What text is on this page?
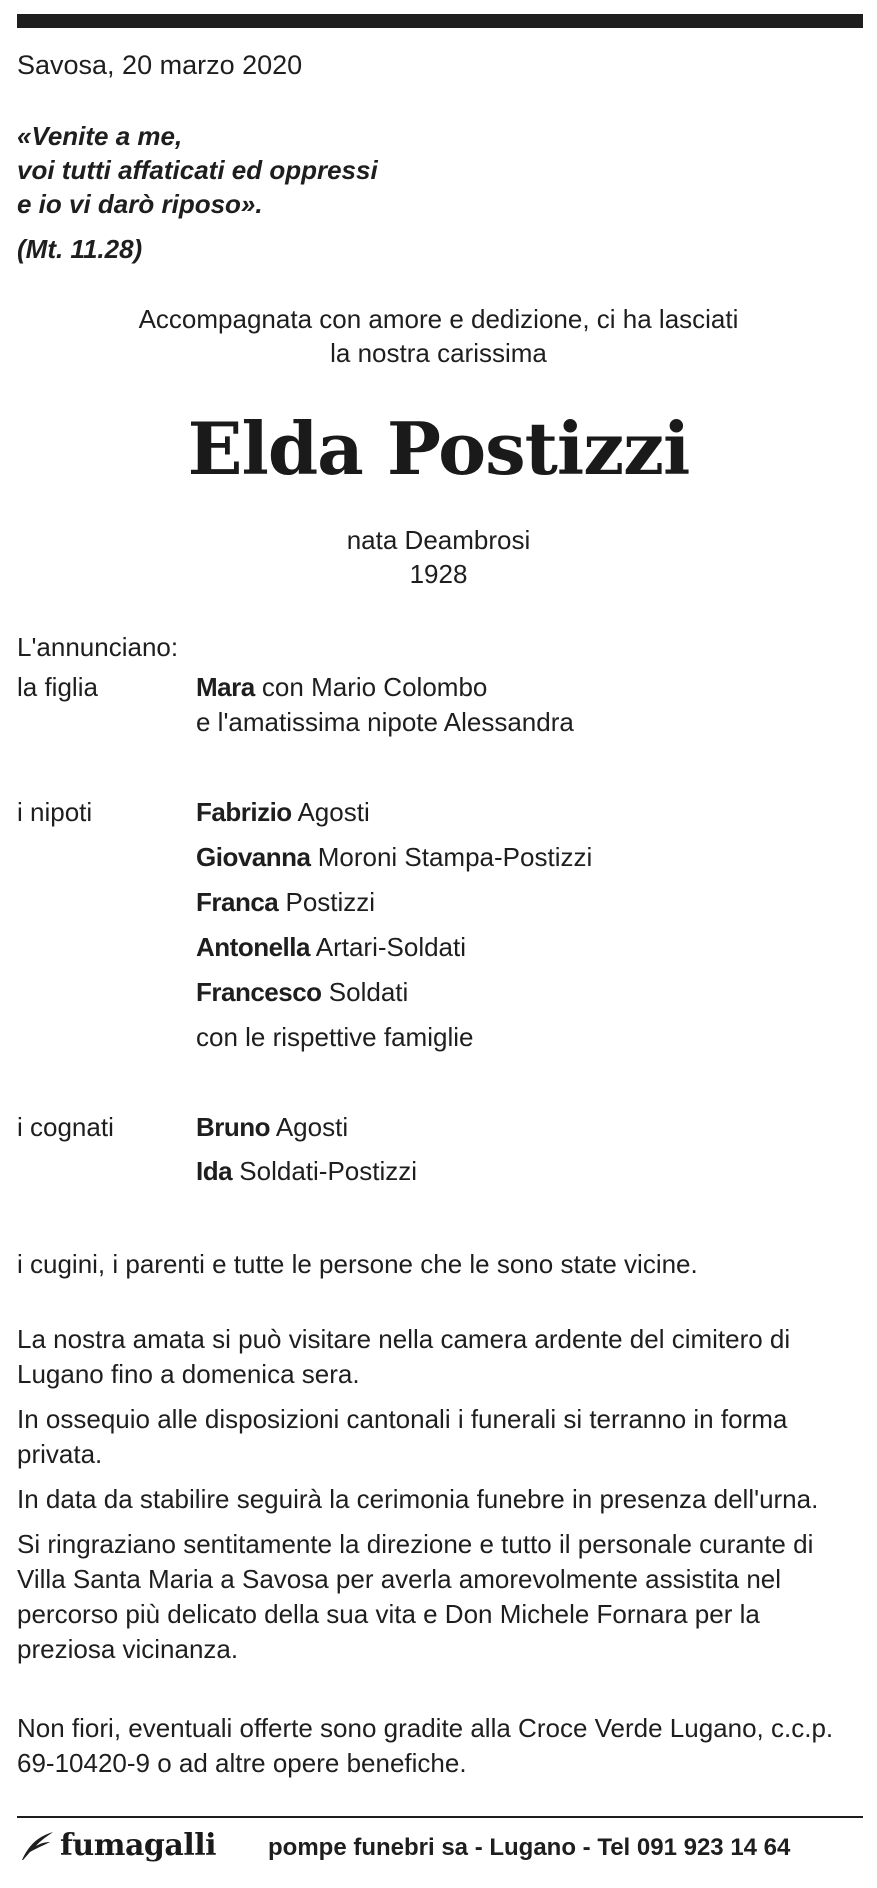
Savosa, 20 marzo 2020
«Venite a me,
voi tutti affaticati ed oppressi
e io vi darò riposo».
(Mt. 11.28)
Accompagnata con amore e dedizione, ci ha lasciati
la nostra carissima
Elda Postizzi
nata Deambrosi
1928
L'annunciano:
la figlia	Mara con Mario Colombo
e l'amatissima nipote Alessandra
i nipoti	Fabrizio Agosti
Giovanna Moroni Stampa-Postizzi
Franca Postizzi
Antonella Artari-Soldati
Francesco Soldati
con le rispettive famiglie
i cognati	Bruno Agosti
Ida Soldati-Postizzi
i cugini, i parenti e tutte le persone che le sono state vicine.
La nostra amata si può visitare nella camera ardente del cimitero di Lugano fino a domenica sera.
In ossequio alle disposizioni cantonali i funerali si terranno in forma privata.
In data da stabilire seguirà la cerimonia funebre in presenza dell'urna.
Si ringraziano sentitamente la direzione e tutto il personale curante di Villa Santa Maria a Savosa per averla amorevolmente assistita nel percorso più delicato della sua vita e Don Michele Fornara per la preziosa vicinanza.
Non fiori, eventuali offerte sono gradite alla Croce Verde Lugano, c.c.p. 69-10420-9 o ad altre opere benefiche.
fumagalli pompe funebri sa - Lugano - Tel 091 923 14 64
